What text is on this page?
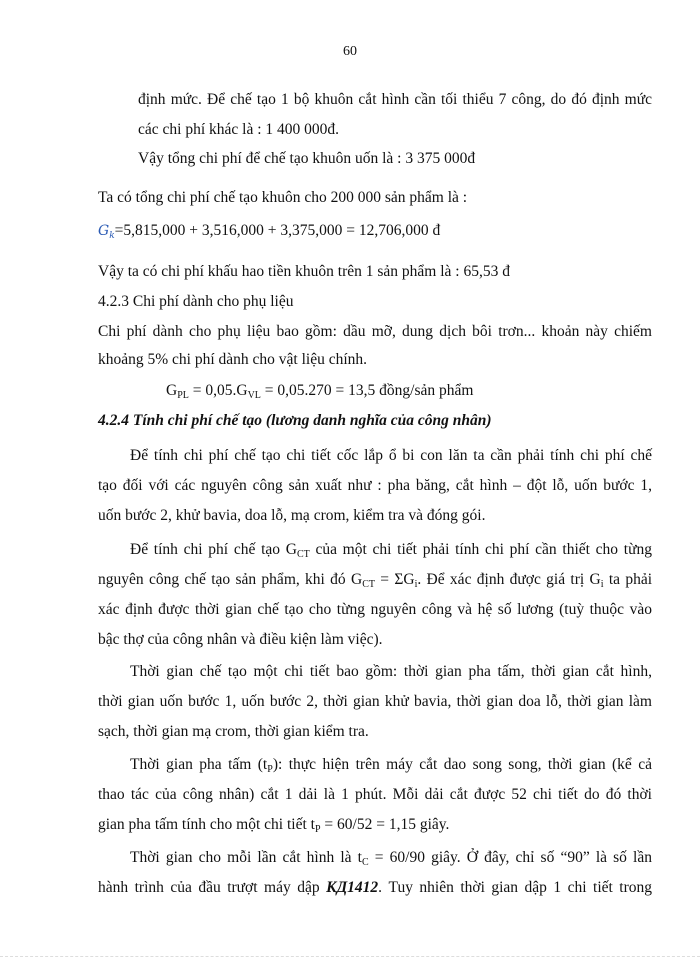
60
định mức. Để chế tạo 1 bộ khuôn cắt hình cần tối thiểu 7 công, do đó định mức
các chi phí khác là : 1 400 000đ.
Vậy tổng chi phí để chế tạo khuôn uốn là : 3 375 000đ
Ta có tổng chi phí chế tạo khuôn cho 200 000 sản phẩm là :
$G_k=5,815,000 + 3,516,000 + 3,375,000 = 12,706,000$ đ
Vậy ta có chi phí khấu hao tiền khuôn trên 1 sản phẩm là : 65,53 đ
4.2.3 Chi phí dành cho phụ liệu
Chi phí dành cho phụ liệu bao gồm: dầu mỡ, dung dịch bôi trơn... khoản này chiếm
khoảng 5% chi phí dành cho vật liệu chính.
$G_{PL} = 0,05.G_{VL} = 0,05.270 = 13,5$ đồng/sản phẩm
4.2.4 Tính chi phí chế tạo (lương danh nghĩa của công nhân)
Để tính chi phí chế tạo chi tiết cốc lắp ổ bi con lăn ta cần phải tính chi phí chế
tạo đối với các nguyên công sản xuất như : pha băng, cắt hình – đột lỗ, uốn bước 1,
uốn bước 2, khử bavia, doa lỗ, mạ crom, kiểm tra và đóng gói.
Để tính chi phí chế tạo $G_{CT}$ của một chi tiết phải tính chi phí cần thiết cho từng
nguyên công chế tạo sản phẩm, khi đó $G_{CT} = \Sigma G_i$. Để xác định được giá trị $G_i$ ta phải
xác định được thời gian chế tạo cho từng nguyên công và hệ số lương (tuỳ thuộc vào
bậc thợ của công nhân và điều kiện làm việc).
Thời gian chế tạo một chi tiết bao gồm: thời gian pha tấm, thời gian cắt hình,
thời gian uốn bước 1, uốn bước 2, thời gian khử bavia, thời gian doa lỗ, thời gian làm
sạch, thời gian mạ crom, thời gian kiểm tra.
Thời gian pha tấm $(t_P)$: thực hiện trên máy cắt dao song song, thời gian (kể cả
thao tác của công nhân) cắt 1 dải là 1 phút. Mỗi dải cắt được 52 chi tiết do đó thời
gian pha tấm tính cho một chi tiết $t_P = 60/52 = 1,15$ giây.
Thời gian cho mỗi lần cắt hình là $t_C = 60/90$ giây. Ở đây, chỉ số “90” là số lần
hành trình của đầu trượt máy dập КД1412. Tuy nhiên thời gian dập 1 chi tiết trong
